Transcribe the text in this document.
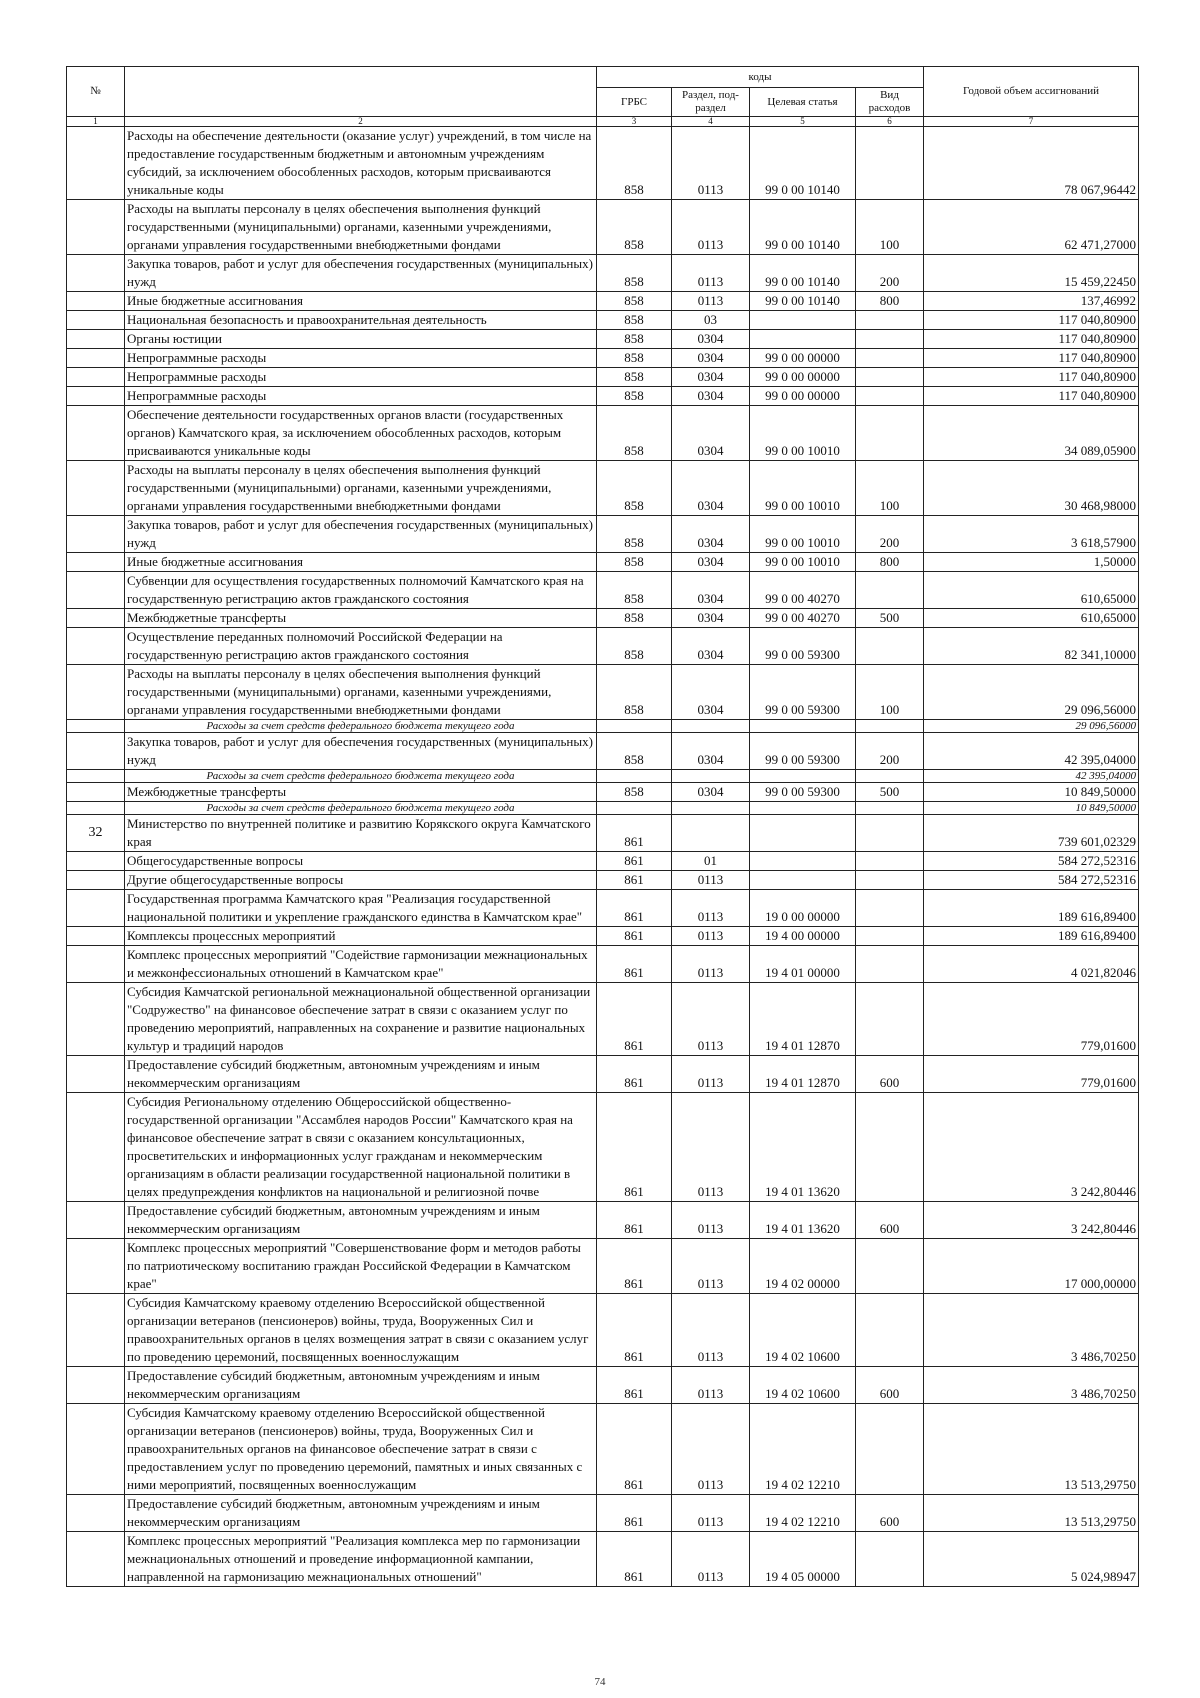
№		коды				Годовой объем ассигнований
		ГРБС	Раздел, под-раздел	Целевая статья	Вид расходов	
1	2	3	4	5	6	7
	Расходы на обеспечение деятельности (оказание услуг) учреждений, в том числе на предоставление государственным бюджетным и автономным учреждениям субсидий, за исключением обособленных расходов, которым присваиваются уникальные коды	858	0113	99 0 00 10140		78 067,96442
	Расходы на выплаты персоналу в целях обеспечения выполнения функций государственными (муниципальными) органами, казенными учреждениями, органами управления государственными внебюджетными фондами	858	0113	99 0 00 10140	100	62 471,27000
	Закупка товаров, работ и услуг для обеспечения государственных (муниципальных) нужд	858	0113	99 0 00 10140	200	15 459,22450
	Иные бюджетные ассигнования	858	0113	99 0 00 10140	800	137,46992
	Национальная безопасность и правоохранительная деятельность	858	03			117 040,80900
	Органы юстиции	858	0304			117 040,80900
	Непрограммные расходы	858	0304	99 0 00 00000		117 040,80900
	Непрограммные расходы	858	0304	99 0 00 00000		117 040,80900
	Непрограммные расходы	858	0304	99 0 00 00000		117 040,80900
	Обеспечение деятельности государственных органов власти (государственных органов) Камчатского края, за исключением обособленных расходов, которым присваиваются уникальные коды	858	0304	99 0 00 10010		34 089,05900
	Расходы на выплаты персоналу в целях обеспечения выполнения функций государственными (муниципальными) органами, казенными учреждениями, органами управления государственными внебюджетными фондами	858	0304	99 0 00 10010	100	30 468,98000
	Закупка товаров, работ и услуг для обеспечения государственных (муниципальных) нужд	858	0304	99 0 00 10010	200	3 618,57900
	Иные бюджетные ассигнования	858	0304	99 0 00 10010	800	1,50000
	Субвенции для осуществления государственных полномочий Камчатского края на государственную регистрацию актов гражданского состояния	858	0304	99 0 00 40270		610,65000
	Межбюджетные трансферты	858	0304	99 0 00 40270	500	610,65000
	Осуществление переданных полномочий Российской Федерации на государственную регистрацию актов гражданского состояния	858	0304	99 0 00 59300		82 341,10000
	Расходы на выплаты персоналу в целях обеспечения выполнения функций государственными (муниципальными) органами, казенными учреждениями, органами управления государственными внебюджетными фондами	858	0304	99 0 00 59300	100	29 096,56000
	Расходы за счет средств федерального бюджета текущего года					29 096,56000
	Закупка товаров, работ и услуг для обеспечения государственных (муниципальных) нужд	858	0304	99 0 00 59300	200	42 395,04000
	Расходы за счет средств федерального бюджета текущего года					42 395,04000
	Межбюджетные трансферты	858	0304	99 0 00 59300	500	10 849,50000
	Расходы за счет средств федерального бюджета текущего года					10 849,50000
32	Министерство по внутренней политике и развитию Корякского округа Камчатского края	861				739 601,02329
	Общегосударственные вопросы	861	01			584 272,52316
	Другие общегосударственные вопросы	861	0113			584 272,52316
	Государственная программа Камчатского края "Реализация государственной национальной политики и укрепление гражданского единства в Камчатском крае"	861	0113	19 0 00 00000		189 616,89400
	Комплексы процессных мероприятий	861	0113	19 4 00 00000		189 616,89400
	Комплекс процессных мероприятий "Содействие гармонизации межнациональных и межконфессиональных отношений в Камчатском крае"	861	0113	19 4 01 00000		4 021,82046
	Субсидия Камчатской региональной межнациональной общественной организации "Содружество" на финансовое обеспечение затрат в связи с оказанием услуг по проведению мероприятий, направленных на сохранение и развитие национальных культур и традиций народов	861	0113	19 4 01 12870		779,01600
	Предоставление субсидий бюджетным, автономным учреждениям и иным некоммерческим организациям	861	0113	19 4 01 12870	600	779,01600
	Субсидия Региональному отделению Общероссийской общественно-государственной организации "Ассамблея народов России" Камчатского края на финансовое обеспечение затрат в связи с оказанием консультационных, просветительских и информационных услуг гражданам и некоммерческим организациям в области реализации государственной национальной политики в целях предупреждения конфликтов на национальной и религиозной почве	861	0113	19 4 01 13620		3 242,80446
	Предоставление субсидий бюджетным, автономным учреждениям и иным некоммерческим организациям	861	0113	19 4 01 13620	600	3 242,80446
	Комплекс процессных мероприятий "Совершенствование форм и методов работы по патриотическому воспитанию граждан Российской Федерации в Камчатском крае"	861	0113	19 4 02 00000		17 000,00000
	Субсидия Камчатскому краевому отделению Всероссийской общественной организации ветеранов (пенсионеров) войны, труда, Вооруженных Сил и правоохранительных органов в целях возмещения затрат в связи с оказанием услуг по проведению церемоний, посвященных военнослужащим	861	0113	19 4 02 10600		3 486,70250
	Предоставление субсидий бюджетным, автономным учреждениям и иным некоммерческим организациям	861	0113	19 4 02 10600	600	3 486,70250
	Субсидия Камчатскому краевому отделению Всероссийской общественной организации ветеранов (пенсионеров) войны, труда, Вооруженных Сил и правоохранительных органов на финансовое обеспечение затрат в связи с предоставлением услуг по проведению церемоний, памятных и иных связанных с ними мероприятий, посвященных военнослужащим	861	0113	19 4 02 12210		13 513,29750
	Предоставление субсидий бюджетным, автономным учреждениям и иным некоммерческим организациям	861	0113	19 4 02 12210	600	13 513,29750
	Комплекс процессных мероприятий "Реализация комплекса мер по гармонизации межнациональных отношений и проведение информационной кампании, направленной на гармонизацию межнациональных отношений"	861	0113	19 4 05 00000		5 024,98947
74
